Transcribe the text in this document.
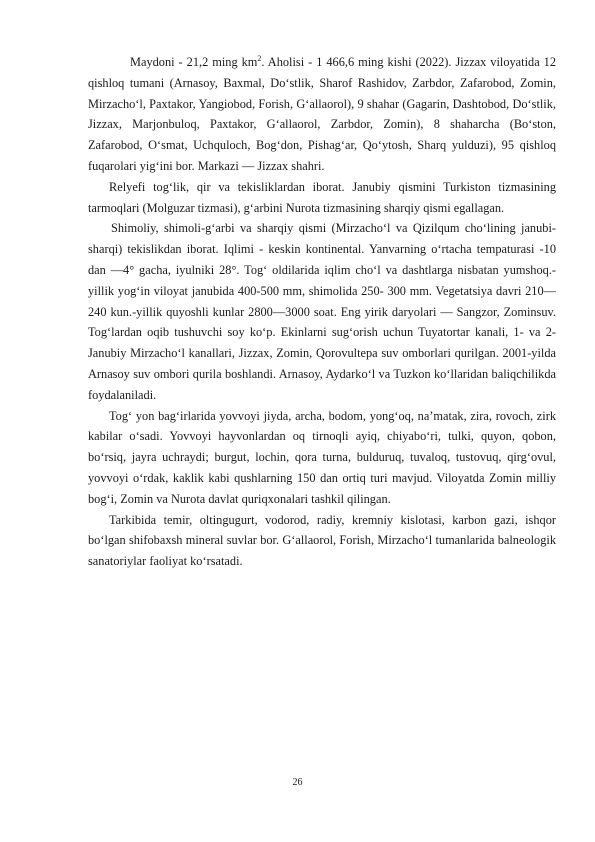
Maydoni - 21,2 ming $km^2$. Aholisi - 1 466,6 ming kishi (2022). Jizzax viloyatida 12 qishloq tumani (Arnasoy, Baxmal, Doʻstlik, Sharof Rashidov, Zarbdor, Zafarobod, Zomin, Mirzachoʻl, Paxtakor, Yangiobod, Forish, Gʻallaorol), 9 shahar (Gagarin, Dashtobod, Doʻstlik, Jizzax, Marjonbuloq, Paxtakor, Gʻallaorol, Zarbdor, Zomin), 8 shaharcha (Boʻston, Zafarobod, Oʻsmat, Uchquloch, Bogʻdon, Pishagʻar, Qoʻytosh, Sharq yulduzi), 95 qishloq fuqarolari yigʻini bor. Markazi — Jizzax shahri.

Relyefi togʻlik, qir va tekisliklardan iborat. Janubiy qismini Turkiston tizmasining tarmoqlari (Molguzar tizmasi), gʻarbini Nurota tizmasining sharqiy qismi egallagan.

Shimoliy, shimoli-gʻarbi va sharqiy qismi (Mirzachoʻl va Qizilqum choʻlining janubi-sharqi) tekislikdan iborat. Iqlimi - keskin kontinental. Yanvarning oʻrtacha tempaturasi -10 dan —4° gacha, iyulniki 28°. Togʻ oldilarida iqlim choʻl va dashtlarga nisbatan yumshoq.-yillik yogʻin viloyat janubida 400-500 mm, shimolida 250- 300 mm. Vegetatsiya davri 210—240 kun.-yillik quyoshli kunlar 2800—3000 soat. Eng yirik daryolari — Sangzor, Zominsuv. Togʻlardan oqib tushuvchi soy koʻp. Ekinlarni sugʻorish uchun Tuyatortar kanali, 1- va 2-Janubiy Mirzachoʻl kanallari, Jizzax, Zomin, Qorovultepa suv omborlari qurilgan. 2001-yilda Arnasoy suv ombori qurila boshlandi. Arnasoy, Aydarkoʻl va Tuzkon koʻllaridan baliqchilikda foydalaniladi.

Togʻ yon bagʻirlarida yovvoyi jiyda, archa, bodom, yongʻoq, naʼmatak, zira, rovoch, zirk kabilar oʻsadi. Yovvoyi hayvonlardan oq tirnoqli ayiq, chiyaboʻri, tulki, quyon, qobon, boʻrsiq, jayra uchraydi; burgut, lochin, qora turna, bulduruq, tuvaloq, tustovuq, qirgʻovul, yovvoyi oʻrdak, kaklik kabi qushlarning 150 dan ortiq turi mavjud. Viloyatda Zomin milliy bogʻi, Zomin va Nurota davlat quriqxonalari tashkil qilingan.

Tarkibida temir, oltingugurt, vodorod, radiy, kremniy kislotasi, karbon gazi, ishqor boʻlgan shifobaxsh mineral suvlar bor. Gʻallaorol, Forish, Mirzachoʻl tumanlarida balneologik sanatoriylar faoliyat koʻrsatadi.

26
